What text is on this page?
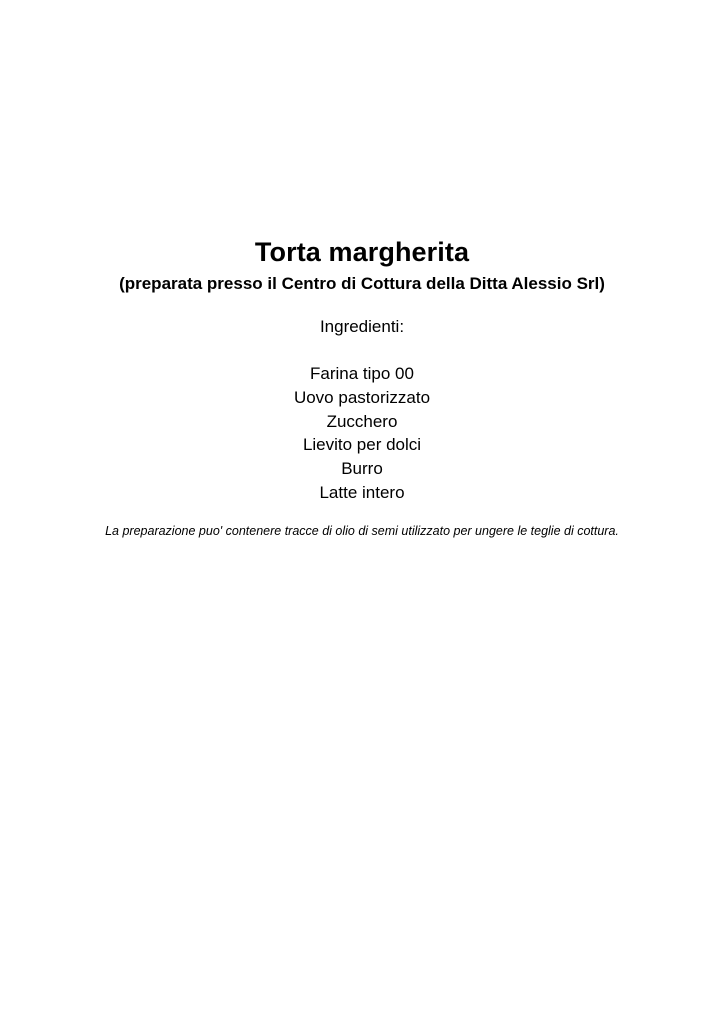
Torta margherita
(preparata presso il Centro di Cottura della Ditta Alessio Srl)
Ingredienti:
Farina tipo 00
Uovo pastorizzato
Zucchero
Lievito per dolci
Burro
Latte intero
La preparazione puo' contenere tracce di olio di semi utilizzato per ungere le teglie di cottura.
